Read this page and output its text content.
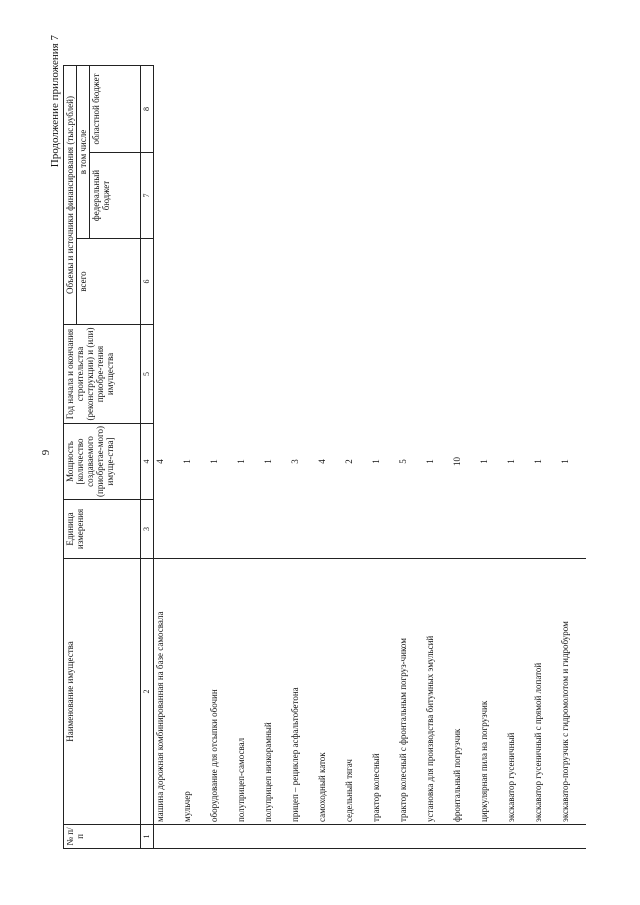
9
Продолжение приложения 7
№ п/п	Наименование имущества	Единица измерения	Мощность [количество создаваемого (приобретае-мого) имуще-ства]	Год начала и окончания строительства (реконструкции) и (или) приобре-тения имущества	Объемы и источники финансирования (тыс.рублей)		
					всего	в том числе	
						федеральный бюджет	областной бюджет
1	2	3	4	5	6	7	8
	машина дорожная комбинированная на базе самосвала		4				
	мульчер		1				
	оборудование для отсыпки обочин		1				
	полуприцеп-самосвал		1				
	полуприцеп низкорамный		1				
	прицеп – рециклер асфальтобетона		3				
	самоходный каток		4				
	седельный тягач		2				
	трактор колесный		1				
	трактор колесный с фронтальным погруз-чиком		5				
	установка для производства битумных эмульсий		1				
	фронтальный погрузчик		10				
	циркулярная пила на погрузчик		1				
	экскаватор гусеничный		1				
	экскаватор гусеничный с прямой лопатой		1				
	экскаватор-погрузчик с гидромолотом и гидробуром		1				
